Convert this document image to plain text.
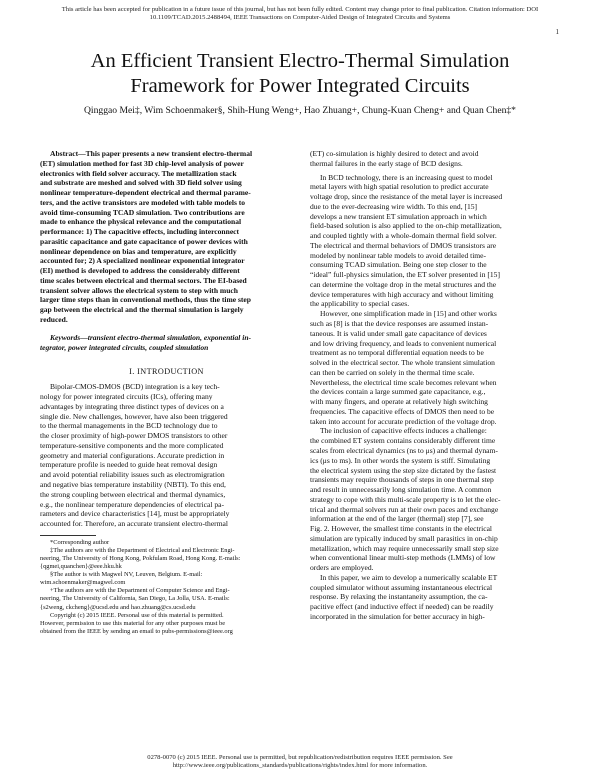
This article has been accepted for publication in a future issue of this journal, but has not been fully edited. Content may change prior to final publication. Citation information: DOI
10.1109/TCAD.2015.2488494, IEEE Transactions on Computer-Aided Design of Integrated Circuits and Systems
1
An Efficient Transient Electro-Thermal Simulation
Framework for Power Integrated Circuits
Qinggao Mei‡, Wim Schoenmaker§, Shih-Hung Weng+, Hao Zhuang+, Chung-Kuan Cheng+ and Quan Chen‡*
Abstract—This paper presents a new transient electro-thermal
(ET) simulation method for fast 3D chip-level analysis of power
electronics with field solver accuracy. The metallization stack
and substrate are meshed and solved with 3D field solver using
nonlinear temperature-dependent electrical and thermal parame-
ters, and the active transistors are modeled with table models to
avoid time-consuming TCAD simulation. Two contributions are
made to enhance the physical relevance and the computational
performance: 1) The capacitive effects, including interconnect
parasitic capacitance and gate capacitance of power devices with
nonlinear dependence on bias and temperature, are explicitly
accounted for; 2) A specialized nonlinear exponential integrator
(EI) method is developed to address the considerably different
time scales between electrical and thermal sectors. The EI-based
transient solver allows the electrical system to step with much
larger time steps than in conventional methods, thus the time step
gap between the electrical and the thermal simulation is largely
reduced.
Keywords—transient electro-thermal simulation, exponential in-
tegrator, power integrated circuits, coupled simulation
I. INTRODUCTION
Bipolar-CMOS-DMOS (BCD) integration is a key tech-
nology for power integrated circuits (ICs), offering many
advantages by integrating three distinct types of devices on a
single die. New challenges, however, have also been triggered
to the thermal managements in the BCD technology due to
the closer proximity of high-power DMOS transistors to other
temperature-sensitive components and the more complicated
geometry and material configurations. Accurate prediction in
temperature profile is needed to guide heat removal design
and avoid potential reliability issues such as electromigration
and negative bias temperature instability (NBTI). To this end,
the strong coupling between electrical and thermal dynamics,
e.g., the nonlinear temperature dependencies of electrical pa-
rameters and device characteristics [14], must be appropriately
accounted for. Therefore, an accurate transient electro-thermal
*Corresponding author
‡The authors are with the Department of Electrical and Electronic Engi-
neering, The University of Hong Kong, Pokfulam Road, Hong Kong. E-mails:
{qgmei,quanchen}@eee.hku.hk
§The author is with Magwel NV, Leuven, Belgium. E-mail:
wim.schoenmaker@magwel.com
+The authors are with the Department of Computer Science and Engi-
neering, The University of California, San Diego, La Jolla, USA. E-mails:
{s2weng, ckcheng}@ucsd.edu and hao.zhuang@cs.ucsd.edu
Copyright (c) 2015 IEEE. Personal use of this material is permitted.
However, permission to use this material for any other purposes must be
obtained from the IEEE by sending an email to pubs-permissions@ieee.org
(ET) co-simulation is highly desired to detect and avoid
thermal failures in the early stage of BCD designs.
In BCD technology, there is an increasing quest to model
metal layers with high spatial resolution to predict accurate
voltage drop, since the resistance of the metal layer is increased
due to the ever-decreasing wire width. To this end, [15]
develops a new transient ET simulation approach in which
field-based solution is also applied to the on-chip metallization,
and coupled tightly with a whole-domain thermal field solver.
The electrical and thermal behaviors of DMOS transistors are
modeled by nonlinear table models to avoid detailed time-
consuming TCAD simulation. Being one step closer to the
“ideal” full-physics simulation, the ET solver presented in [15]
can determine the voltage drop in the metal structures and the
device temperatures with high accuracy and without limiting
the applicability to special cases.
However, one simplification made in [15] and other works
such as [8] is that the device responses are assumed instan-
taneous. It is valid under small gate capacitance of devices
and low driving frequency, and leads to convenient numerical
treatment as no temporal differential equation needs to be
solved in the electrical sector. The whole transient simulation
can then be carried on solely in the thermal time scale.
Nevertheless, the electrical time scale becomes relevant when
the devices contain a large summed gate capacitance, e.g.,
with many fingers, and operate at relatively high switching
frequencies. The capacitive effects of DMOS then need to be
taken into account for accurate prediction of the voltage drop.
The inclusion of capacitive effects induces a challenge:
the combined ET system contains considerably different time
scales from electrical dynamics (ns to μs) and thermal dynam-
ics (μs to ms). In other words the system is stiff. Simulating
the electrical system using the step size dictated by the fastest
transients may require thousands of steps in one thermal step
and result in unnecessarily long simulation time. A common
strategy to cope with this multi-scale property is to let the elec-
trical and thermal solvers run at their own paces and exchange
information at the end of the larger (thermal) step [7], see
Fig. 2. However, the smallest time constants in the electrical
simulation are typically induced by small parasitics in on-chip
metallization, which may require unnecessarily small step size
when conventional linear multi-step methods (LMMs) of low
orders are employed.
In this paper, we aim to develop a numerically scalable ET
coupled simulator without assuming instantaneous electrical
response. By relaxing the instantaneity assumption, the ca-
pacitive effect (and inductive effect if needed) can be readily
incorporated in the simulation for better accuracy in high-
0278-0070 (c) 2015 IEEE. Personal use is permitted, but republication/redistribution requires IEEE permission. See
http://www.ieee.org/publications_standards/publications/rights/index.html for more information.
